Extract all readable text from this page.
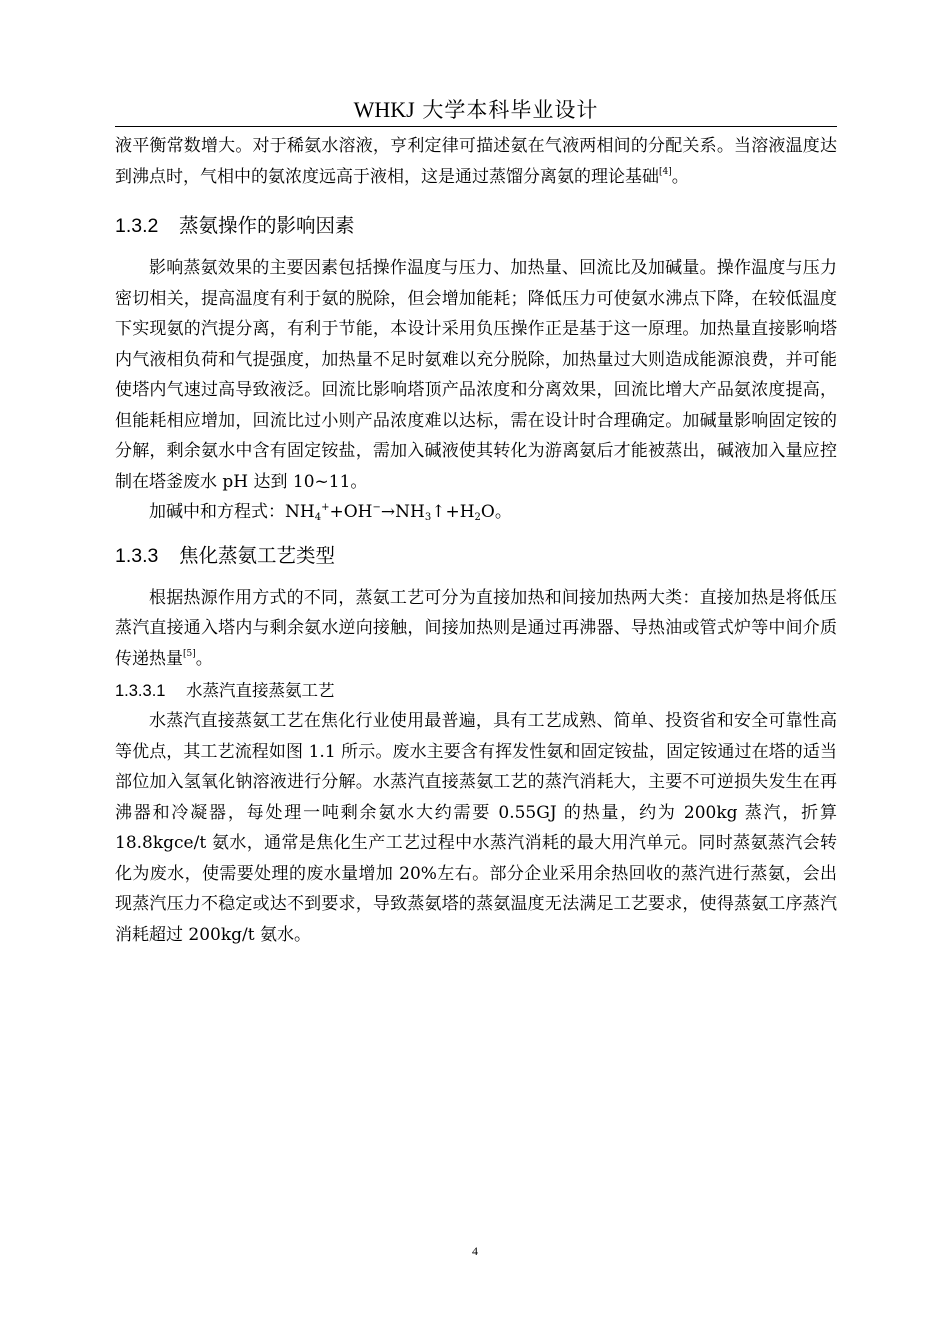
WHKJ 大学本科毕业设计

液平衡常数增大。对于稀氨水溶液，亨利定律可描述氨在气液两相间的分配关系。当溶液温度达到沸点时，气相中的氨浓度远高于液相，这是通过蒸馏分离氨的理论基础[4]。

1.3.2 蒸氨操作的影响因素

影响蒸氨效果的主要因素包括操作温度与压力、加热量、回流比及加碱量。操作温度与压力密切相关，提高温度有利于氨的脱除，但会增加能耗；降低压力可使氨水沸点下降，在较低温度下实现氨的汽提分离，有利于节能，本设计采用负压操作正是基于这一原理。加热量直接影响塔内气液相负荷和气提强度，加热量不足时氨难以充分脱除，加热量过大则造成能源浪费，并可能使塔内气速过高导致液泛。回流比影响塔顶产品浓度和分离效果，回流比增大产品氨浓度提高，但能耗相应增加，回流比过小则产品浓度难以达标，需在设计时合理确定。加碱量影响固定铵的分解，剩余氨水中含有固定铵盐，需加入碱液使其转化为游离氨后才能被蒸出，碱液加入量应控制在塔釜废水 pH 达到 10~11。

加碱中和方程式：$NH_4^++OH^-\to NH_3↑+H_2O$。

1.3.3 焦化蒸氨工艺类型

根据热源作用方式的不同，蒸氨工艺可分为直接加热和间接加热两大类：直接加热是将低压蒸汽直接通入塔内与剩余氨水逆向接触，间接加热则是通过再沸器、导热油或管式炉等中间介质传递热量[5]。

1.3.3.1 水蒸汽直接蒸氨工艺

水蒸汽直接蒸氨工艺在焦化行业使用最普遍，具有工艺成熟、简单、投资省和安全可靠性高等优点，其工艺流程如图 1.1 所示。废水主要含有挥发性氨和固定铵盐，固定铵通过在塔的适当部位加入氢氧化钠溶液进行分解。水蒸汽直接蒸氨工艺的蒸汽消耗大，主要不可逆损失发生在再沸器和冷凝器，每处理一吨剩余氨水大约需要 0.55GJ 的热量，约为 200kg 蒸汽，折算 18.8kgce/t 氨水，通常是焦化生产工艺过程中水蒸汽消耗的最大用汽单元。同时蒸氨蒸汽会转化为废水，使需要处理的废水量增加 20%左右。部分企业采用余热回收的蒸汽进行蒸氨，会出现蒸汽压力不稳定或达不到要求，导致蒸氨塔的蒸氨温度无法满足工艺要求，使得蒸氨工序蒸汽消耗超过 200kg/t 氨水。

4
